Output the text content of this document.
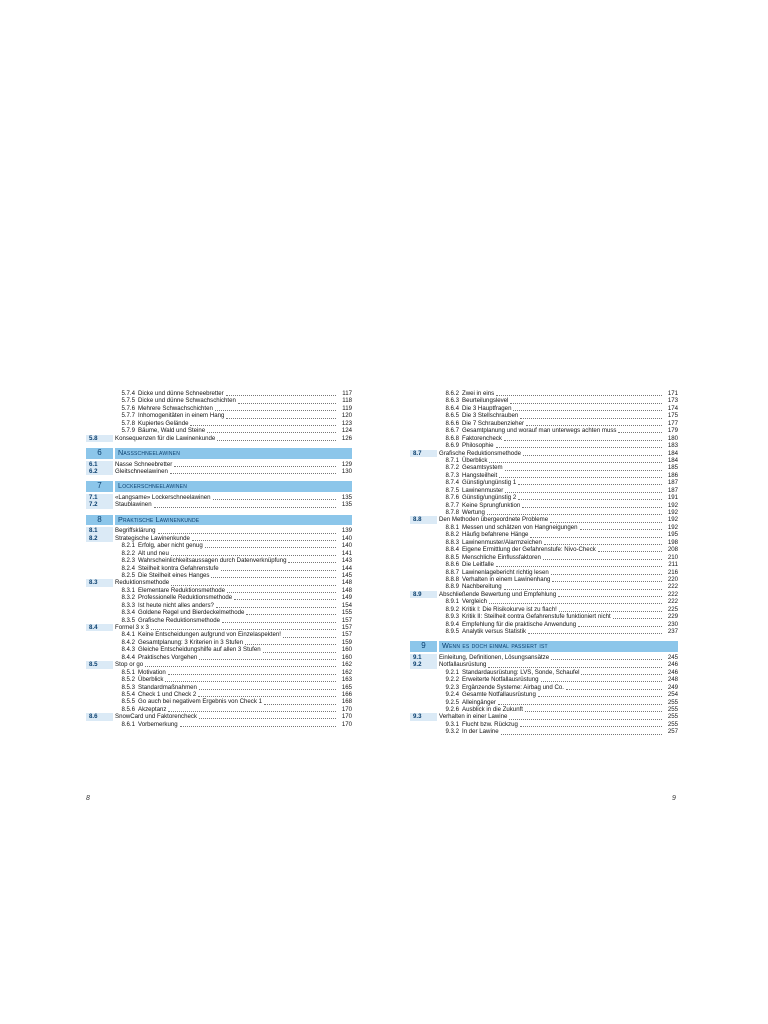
5.7.4 Dicke und dünne Schneebretter	117
5.7.5 Dicke und dünne Schwachschichten	118
5.7.6 Mehrere Schwachschichten	119
5.7.7 Inhomogenitäten in einem Hang	120
5.7.8 Kupiertes Gelände	123
5.7.9 Bäume, Wald und Steine	124
5.8	Konsequenzen für die Lawinenkunde	126
6	Nassschneelawinen
6.1	Nasse Schneebretter	129
6.2	Gleitschneelawinen	130
7	Lockerschneelawinen
7.1	«Langsame» Lockerschneelawinen	135
7.2	Staublawinen	135
8	Praktische Lawinenkunde
8.1	Begriffsklärung	139
8.2	Strategische Lawinenkunde	140
8.2.1 Erfolg, aber nicht genug	140
8.2.2 Alt und neu	141
8.2.3 Wahrscheinlichkeitsaussagen durch Datenverknüpfung	143
8.2.4 Steilheit kontra Gefahrenstufe	144
8.2.5 Die Steilheit eines Hanges	145
8.3	Reduktionsmethode	148
8.3.1 Elementare Reduktionsmethode	148
8.3.2 Professionelle Reduktionsmethode	149
8.3.3 Ist heute nicht alles anders?	154
8.3.4 Goldene Regel und Bierdeckelmethode	155
8.3.5 Grafische Reduktionsmethode	157
8.4	Formel 3 x 3	157
8.4.1 Keine Entscheidungen aufgrund von Einzelaspekten!	157
8.4.2 Gesamtplanung: 3 Kriterien in 3 Stufen	159
8.4.3 Gleiche Entscheidungshilfe auf allen 3 Stufen	160
8.4.4 Praktisches Vorgehen	160
8.5	Stop or go	162
8.5.1 Motivation	162
8.5.2 Überblick	163
8.5.3 Standardmaßnahmen	165
8.5.4 Check 1 und Check 2	166
8.5.5 Go auch bei negativem Ergebnis von Check 1	168
8.5.6 Akzeptanz	170
8.6	SnowCard und Faktorencheck	170
8.6.1 Vorbemerkung	170
8.6.2 Zwei in eins	171
8.6.3 Beurteilungslevel	173
8.6.4 Die 3 Hauptfragen	174
8.6.5 Die 3 Stellschrauben	175
8.6.6 Die 7 Schraubenzieher	177
8.6.7 Gesamtplanung und worauf man unterwegs achten muss	179
8.6.8 Faktorencheck	180
8.6.9 Philosophie	183
8.7	Grafische Reduktionsmethode	184
8.7.1 Überblick	184
8.7.2 Gesamtsystem	185
8.7.3 Hangsteilheit	186
8.7.4 Günstig/ungünstig 1	187
8.7.5 Lawinenmuster	187
8.7.6 Günstig/ungünstig 2	191
8.7.7 Keine Sprungfunktion	192
8.7.8 Wertung	192
8.8	Den Methoden übergeordnete Probleme	192
8.8.1 Messen und schätzen von Hangneigungen	192
8.8.2 Häufig befahrene Hänge	195
8.8.3 Lawinenmuster/Alarmzeichen	198
8.8.4 Eigene Ermittlung der Gefahrenstufe: Nivo-Check	208
8.8.5 Menschliche Einflussfaktoren	210
8.8.6 Die Leitfalle	211
8.8.7 Lawinenlagebericht richtig lesen	216
8.8.8 Verhalten in einem Lawinenhang	220
8.8.9 Nachbereitung	222
8.9	Abschließende Bewertung und Empfehlung	222
8.9.1 Vergleich	222
8.9.2 Kritik I: Die Risikokurve ist zu flach!	225
8.9.3 Kritik II: Steilheit contra Gefahrenstufe funktioniert nicht	229
8.9.4 Empfehlung für die praktische Anwendung	230
8.9.5 Analytik versus Statistik	237
9	Wenn es doch einmal passiert ist
9.1	Einleitung, Definitionen, Lösungsansätze	245
9.2	Notfallausrüstung	246
9.2.1 Standardausrüstung: LVS, Sonde, Schaufel	246
9.2.2 Erweiterte Notfallausrüstung	248
9.2.3 Ergänzende Systeme: Airbag und Co.	249
9.2.4 Gesamte Notfallausrüstung	254
9.2.5 Alleingänger	255
9.2.6 Ausblick in die Zukunft	255
9.3	Verhalten in einer Lawine	255
9.3.1 Flucht bzw. Rückzug	255
9.3.2 In der Lawine	257
8	9
